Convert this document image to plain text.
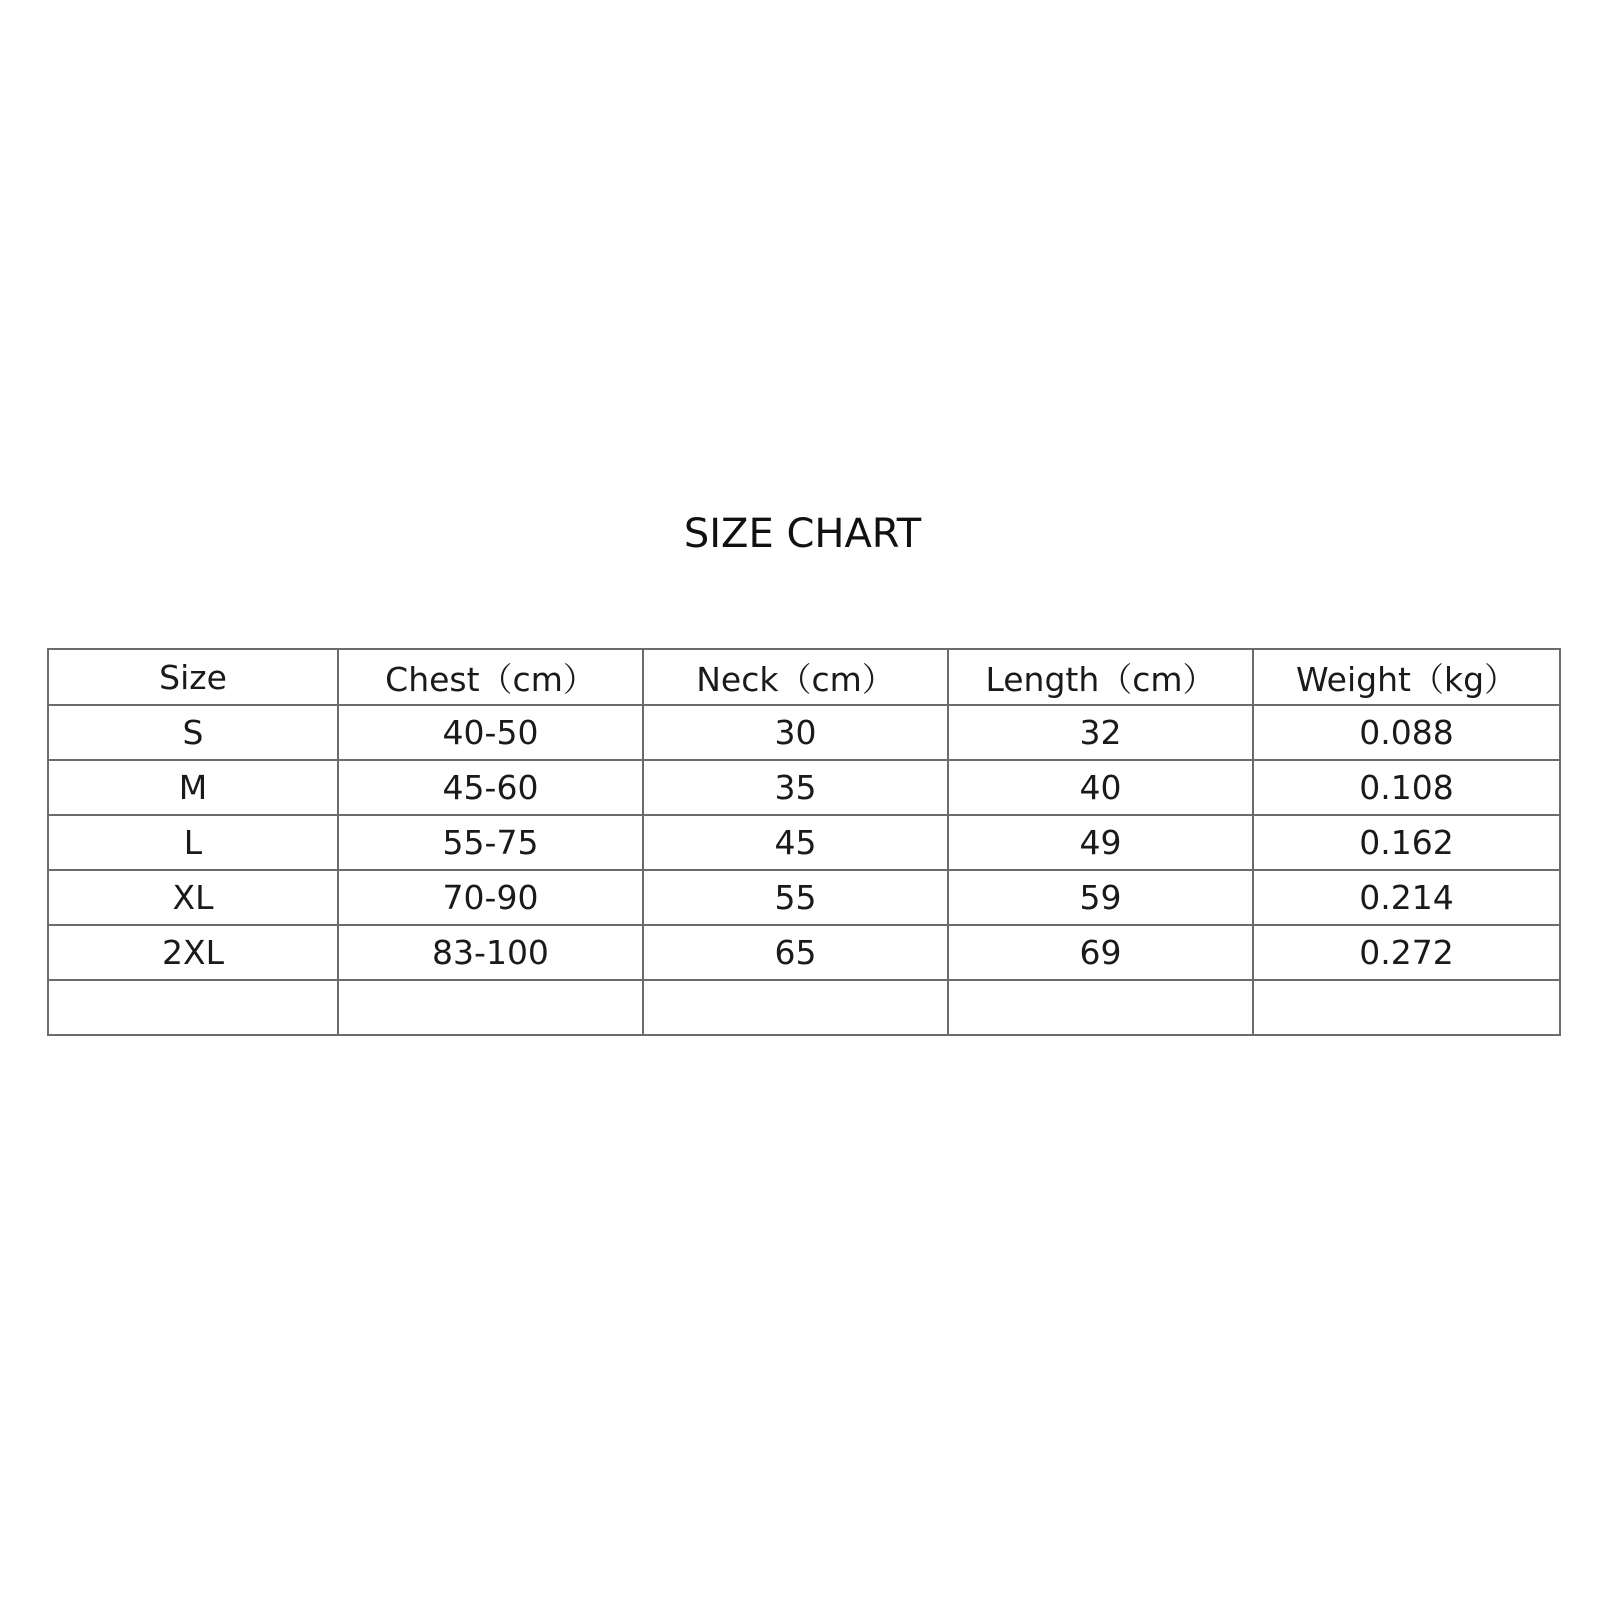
SIZE CHART
Size	Chest（cm）	Neck（cm）	Length（cm）	Weight（kg）
S	40-50	30	32	0.088
M	45-60	35	40	0.108
L	55-75	45	49	0.162
XL	70-90	55	59	0.214
2XL	83-100	65	69	0.272
